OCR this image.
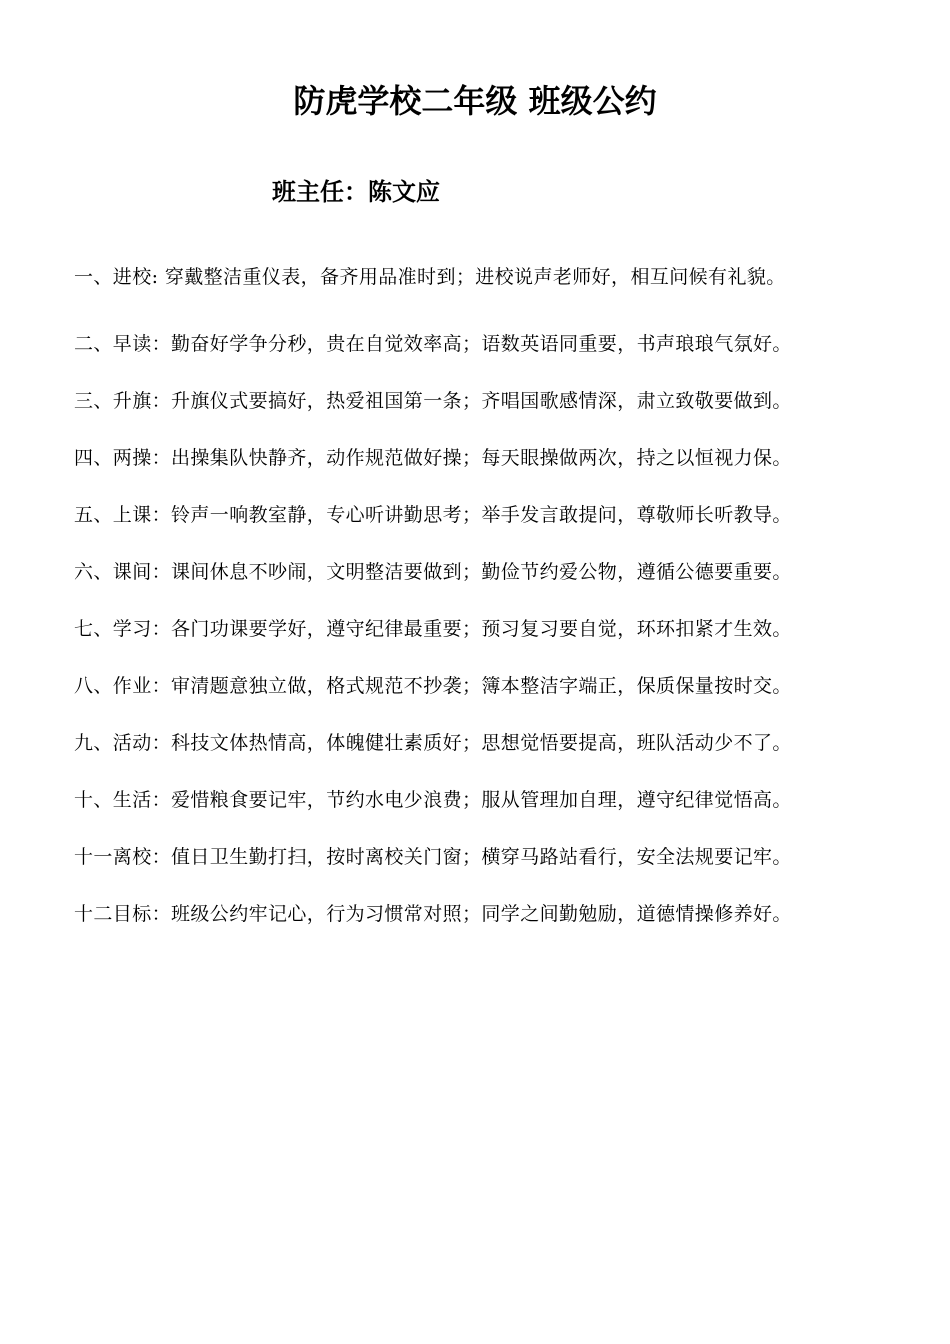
防虎学校二年级 班级公约
班主任：陈文应
一、进校: 穿戴整洁重仪表，备齐用品准时到；进校说声老师好，相互问候有礼貌。
二、早读：勤奋好学争分秒，贵在自觉效率高；语数英语同重要，书声琅琅气氛好。
三、升旗：升旗仪式要搞好，热爱祖国第一条；齐唱国歌感情深，肃立致敬要做到。
四、两操：出操集队快静齐，动作规范做好操；每天眼操做两次，持之以恒视力保。
五、上课：铃声一响教室静，专心听讲勤思考；举手发言敢提问，尊敬师长听教导。
六、课间：课间休息不吵闹，文明整洁要做到；勤俭节约爱公物，遵循公德要重要。
七、学习：各门功课要学好，遵守纪律最重要；预习复习要自觉，环环扣紧才生效。
八、作业：审清题意独立做，格式规范不抄袭；簿本整洁字端正，保质保量按时交。
九、活动：科技文体热情高，体魄健壮素质好；思想觉悟要提高，班队活动少不了。
十、生活：爱惜粮食要记牢，节约水电少浪费；服从管理加自理，遵守纪律觉悟高。
十一离校：值日卫生勤打扫，按时离校关门窗；横穿马路站看行，安全法规要记牢。
十二目标：班级公约牢记心，行为习惯常对照；同学之间勤勉励，道德情操修养好。
